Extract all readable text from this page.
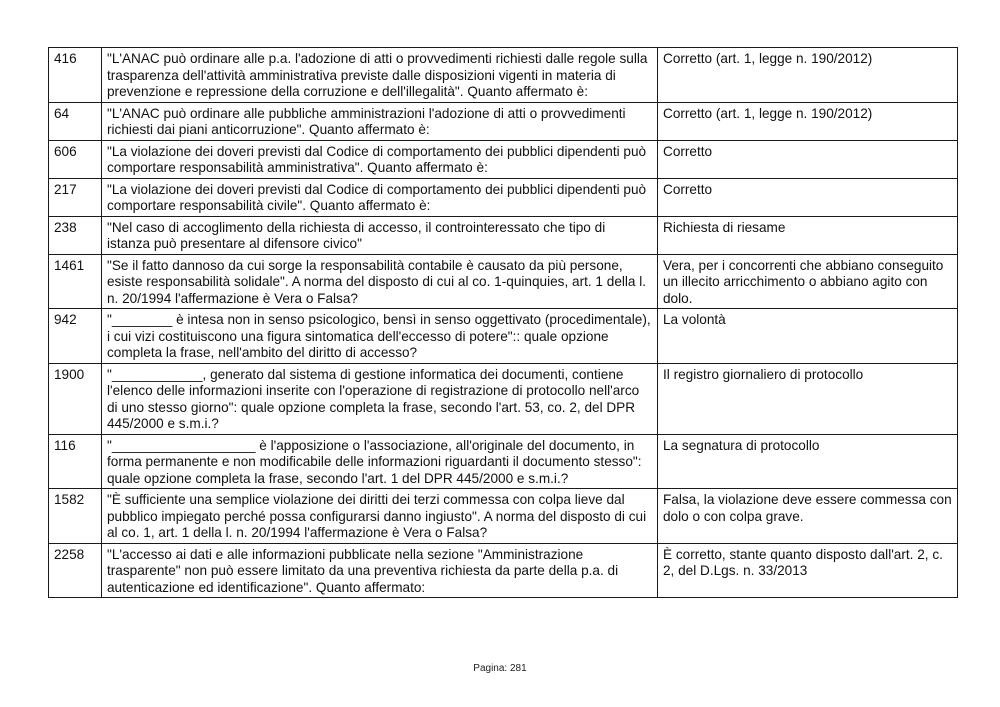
416	"L'ANAC può ordinare alle p.a. l'adozione di atti o provvedimenti richiesti dalle regole sulla trasparenza dell'attività amministrativa previste dalle disposizioni vigenti in materia di prevenzione e repressione della corruzione e dell'illegalità". Quanto affermato è:	Corretto (art. 1, legge n. 190/2012)
64	"L'ANAC può ordinare alle pubbliche amministrazioni l'adozione di atti o provvedimenti richiesti dai piani anticorruzione". Quanto affermato è:	Corretto (art. 1, legge n. 190/2012)
606	"La violazione dei doveri previsti dal Codice di comportamento dei pubblici dipendenti può comportare responsabilità amministrativa". Quanto affermato è:	Corretto
217	"La violazione dei doveri previsti dal Codice di comportamento dei pubblici dipendenti può comportare responsabilità civile". Quanto affermato è:	Corretto
238	"Nel caso di accoglimento della richiesta di accesso, il controinteressato che tipo di istanza può presentare al difensore civico"	Richiesta di riesame
1461	"Se il fatto dannoso da cui sorge la responsabilità contabile è causato da più persone, esiste responsabilità solidale". A norma del disposto di cui al co. 1-quinquies, art. 1 della l. n. 20/1994 l'affermazione è Vera o Falsa?	Vera, per i concorrenti che abbiano conseguito un illecito arricchimento o abbiano agito con dolo.
942	"________ è intesa non in senso psicologico, bensì in senso oggettivato (procedimentale), i cui vizi costituiscono una figura sintomatica dell'eccesso di potere":: quale opzione completa la frase, nell'ambito del diritto di accesso?	La volontà
1900	"____________, generato dal sistema di gestione informatica dei documenti, contiene l'elenco delle informazioni inserite con l'operazione di registrazione di protocollo nell'arco di uno stesso giorno": quale opzione completa la frase, secondo l'art. 53, co. 2, del DPR 445/2000 e s.m.i.?	Il registro giornaliero di protocollo
116	"___________________ è l'apposizione o l'associazione, all'originale del documento, in forma permanente e non modificabile delle informazioni riguardanti il documento stesso": quale opzione completa la frase, secondo l'art. 1 del DPR 445/2000 e s.m.i.?	La segnatura di protocollo
1582	"È sufficiente una semplice violazione dei diritti dei terzi commessa con colpa lieve dal pubblico impiegato perché possa configurarsi danno ingiusto". A norma del disposto di cui al co. 1, art. 1 della l. n. 20/1994 l'affermazione è Vera o Falsa?	Falsa, la violazione deve essere commessa con dolo o con colpa grave.
2258	"L'accesso ai dati e alle informazioni pubblicate nella sezione "Amministrazione trasparente" non può essere limitato da una preventiva richiesta da parte della p.a. di autenticazione ed identificazione". Quanto affermato:	È corretto, stante quanto disposto dall'art. 2, c. 2, del D.Lgs. n. 33/2013
Pagina: 281
